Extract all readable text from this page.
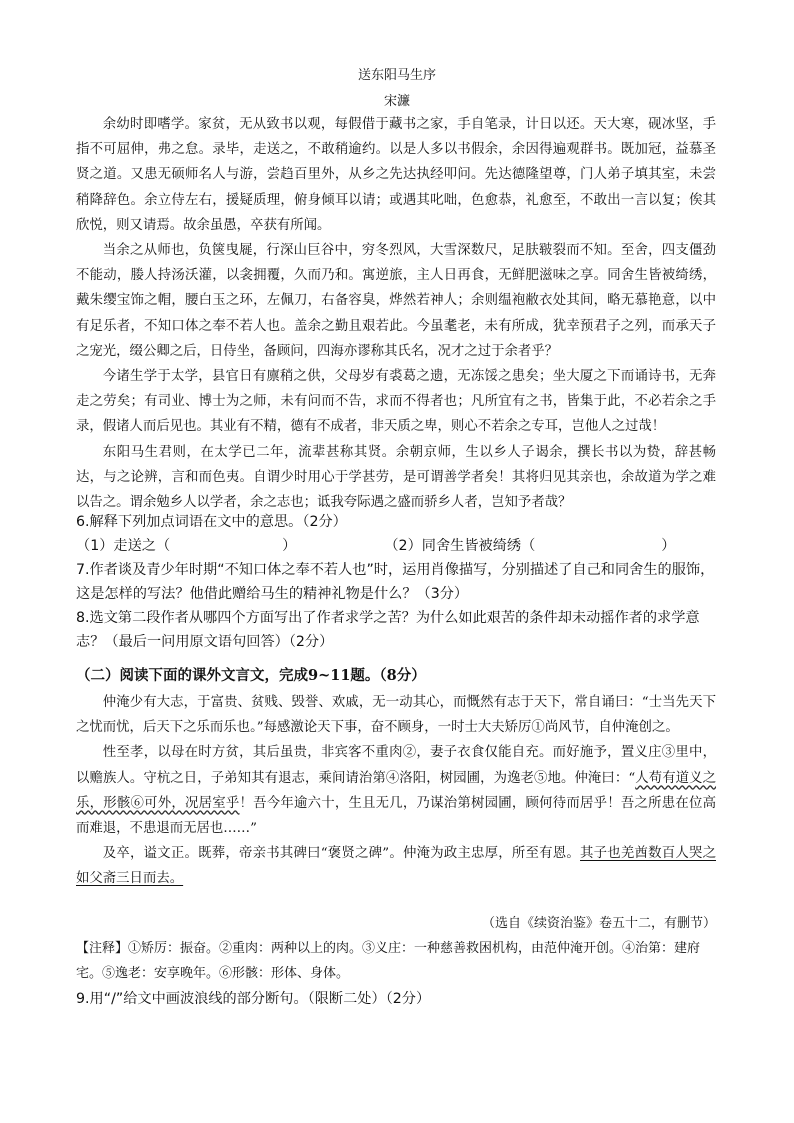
送东阳马生序
宋濂

余幼时即嗜学。家贫，无从致书以观，每假借于藏书之家，手自笔录，计日以还。天大寒，砚冰坚，手指不可屈伸，弗之怠。录毕，走送之，不敢稍逾约。以是人多以书假余，余因得遍观群书。既加冠，益慕圣贤之道。又患无硕师名人与游，尝趋百里外，从乡之先达执经叩问。先达德隆望尊，门人弟子填其室，未尝稍降辞色。余立侍左右，援疑质理，俯身倾耳以请；或遇其叱咄，色愈恭，礼愈至，不敢出一言以复；俟其欣悦，则又请焉。故余虽愚，卒获有所闻。

当余之从师也，负箧曳屣，行深山巨谷中，穷冬烈风，大雪深数尺，足肤皲裂而不知。至舍，四支僵劲不能动，媵人持汤沃灌，以衾拥覆，久而乃和。寓逆旅，主人日再食，无鲜肥滋味之享。同舍生皆被绮绣，戴朱缨宝饰之帽，腰白玉之环，左佩刀，右备容臭，烨然若神人；余则缊袍敝衣处其间，略无慕艳意，以中有足乐者，不知口体之奉不若人也。盖余之勤且艰若此。今虽耄老，未有所成，犹幸预君子之列，而承天子之宠光，缀公卿之后，日侍坐，备顾问，四海亦谬称其氏名，况才之过于余者乎？

今诸生学于太学，县官日有廪稍之供，父母岁有裘葛之遗，无冻馁之患矣；坐大厦之下而诵诗书，无奔走之劳矣；有司业、博士为之师，未有问而不告，求而不得者也；凡所宜有之书，皆集于此，不必若余之手录，假诸人而后见也。其业有不精，德有不成者，非天质之卑，则心不若余之专耳，岂他人之过哉！

东阳马生君则，在太学已二年，流辈甚称其贤。余朝京师，生以乡人子谒余，撰长书以为贽，辞甚畅达，与之论辨，言和而色夷。自谓少时用心于学甚劳，是可谓善学者矣！其将归见其亲也，余故道为学之难以告之。谓余勉乡人以学者，余之志也；诋我夸际遇之盛而骄乡人者，岂知予者哉？

6.解释下列加点词语在文中的意思。（2分）

（1）走送之（	）	（2）同舍生皆被绮绣（	）

7.作者谈及青少年时期“不知口体之奉不若人也”时，运用肖像描写，分别描述了自己和同舍生的服饰，这是怎样的写法？他借此赠给马生的精神礼物是什么？（3分）

8.选文第二段作者从哪四个方面写出了作者求学之苦？为什么如此艰苦的条件却未动摇作者的求学意志？（最后一问用原文语句回答）（2分）

（二）阅读下面的课外文言文，完成9~11题。（8分）

仲淹少有大志，于富贵、贫贱、毁誉、欢戚，无一动其心，而慨然有志于天下，常自诵曰：“士当先天下之忧而忧，后天下之乐而乐也。”每感激论天下事，奋不顾身，一时士大夫矫厉①尚风节，自仲淹创之。

性至孝，以母在时方贫，其后虽贵，非宾客不重肉②，妻子衣食仅能自充。而好施予，置义庄③里中，以赡族人。守杭之日，子弟知其有退志，乘间请治第④洛阳，树园圃，为逸老⑤地。仲淹曰：“人苟有道义之乐，形骸⑥可外，况居室乎！吾今年逾六十，生且无几，乃谋治第树园圃，顾何待而居乎！吾之所患在位高而难退，不患退而无居也……”

及卒，谥文正。既葬，帝亲书其碑曰“褒贤之碑”。仲淹为政主忠厚，所至有恩。其子也羌酋数百人哭之如父斋三日而去。

（选自《续资治鉴》卷五十二，有删节）
【注释】①矫厉：振奋。②重肉：两种以上的肉。③义庄：一种慈善救困机构，由范仲淹开创。④治第：建府宅。⑤逸老：安享晚年。⑥形骸：形体、身体。
9.用“/”给文中画波浪线的部分断句。（限断二处）（2分）
